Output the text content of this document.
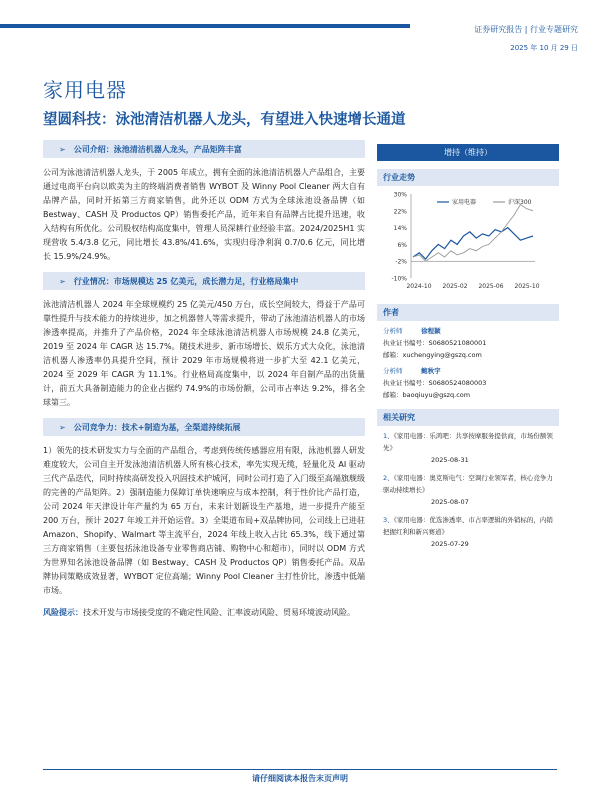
证券研究报告 | 行业专题研究
2025 年 10 月 29 日
家用电器
望圆科技：泳池清洁机器人龙头，有望进入快速增长通道
➢ 公司介绍：泳池清洁机器人龙头，产品矩阵丰富

公司为泳池清洁机器人龙头，于 2005 年成立，拥有全面的泳池清洁机器人产品组合，主要通过电商平台向以欧美为主的终端消费者销售 WYBOT 及 Winny Pool Cleaner 两大自有品牌产品，同时开拓第三方商家销售，此外还以 ODM 方式为全球泳池设备品牌（如 Bestway、CASH 及 Productos QP）销售委托产品，近年来自有品牌占比提升迅速，收入结构有所优化。公司股权结构高度集中，管理人员深耕行业经验丰富。2024/2025H1 实现营收 5.4/3.8 亿元，同比增长 43.8%/41.6%，实现归母净利润 0.7/0.6 亿元，同比增长 15.9%/24.9%。

➢ 行业情况：市场规模达 25 亿美元，成长潜力足，行业格局集中

泳池清洁机器人 2024 年全球规模约 25 亿美元/450 万台，成长空间较大，得益于产品可靠性提升与技术能力的持续进步，加之机器替人等需求提升，带动了泳池清洁机器人的市场渗透率提高，并推升了产品价格，2024 年全球泳池清洁机器人市场规模 24.8 亿美元，2019 至 2024 年 CAGR 达 15.7%。随技术进步、新市场增长、娱乐方式大众化，泳池清洁机器人渗透率仍具提升空间，预计 2029 年市场规模将进一步扩大至 42.1 亿美元，2024 至 2029 年 CAGR 为 11.1%。行业格局高度集中，以 2024 年自制产品的出货量计，前五大具备制造能力的企业占据约 74.9%的市场份额，公司市占率达 9.2%，排名全球第三。

➢ 公司竞争力：技术+制造为基，全渠道持续拓展

1）领先的技术研发实力与全面的产品组合，考虑到传统传感器应用有限，泳池机器人研发难度较大，公司自主开发泳池清洁机器人所有核心技术，率先实现无缆，轻量化及 AI 驱动三代产品迭代，同时持续高研发投入巩固技术护城河，同时公司打造了入门级至高端旗舰级的完善的产品矩阵。2）强制造能力保障订单快速响应与成本控制，利于性价比产品打造，公司 2024 年天津设计年产量约为 65 万台，未来计划新设生产基地，进一步提升产能至 200 万台，预计 2027 年竣工并开始运营。3）全渠道布局+双品牌协同，公司线上已进驻 Amazon、Shopify、Walmart 等主流平台，2024 年线上收入占比 65.3%，线下通过第三方商家销售（主要包括泳池设备专业零售商店铺、购物中心和超市），同时以 ODM 方式为世界知名泳池设备品牌（如 Bestway、CASH 及 Productos QP）销售委托产品。双品牌协同策略成效显著，WYBOT 定位高端；Winny Pool Cleaner 主打性价比，渗透中低端市场。

风险提示：技术开发与市场接受度的不确定性风险、汇率波动风险、贸易环境波动风险。

增持（维持）
行业走势
30%
22%
14%
6%
-2%
-10%
2024-10 2025-02 2025-06 2025-10
家用电器	沪深300
作者
分析师	徐程颖
执业证书编号：S0680521080001
邮箱：xuchengying@gszq.com
分析师	鲍秋宇
执业证书编号：S0680524080003
邮箱：baoqiuyu@gszq.com
相关研究
1、《家用电器：乐鸿吧：共享按摩服务提供商，市场份额领先》
2025-08-31
2、《家用电器：奥克斯电气：空调行业领军者，核心竞争力驱动持续增长》
2025-08-07
3、《家用电器：优选渗透率、市占率逻辑的外销标的，内销把握红利和新兴赛道》
2025-07-29
请仔细阅读本报告末页声明
